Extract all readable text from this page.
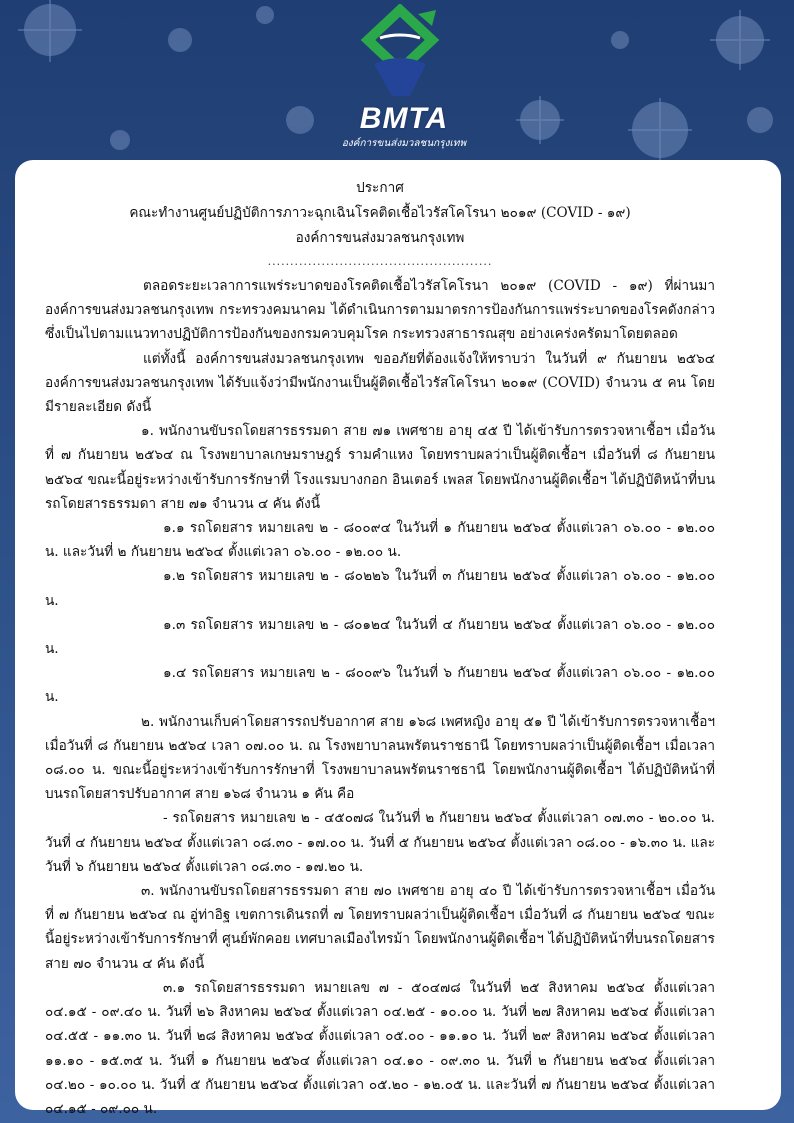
BMTA
องค์การขนส่งมวลชนกรุงเทพ
ประกาศ
คณะทำงานศูนย์ปฏิบัติการภาวะฉุกเฉินโรคติดเชื้อไวรัสโคโรนา ๒๐๑๙ (COVID - ๑๙)
องค์การขนส่งมวลชนกรุงเทพ
..................................................

ตลอดระยะเวลาการแพร่ระบาดของโรคติดเชื้อไวรัสโคโรนา ๒๐๑๙ (COVID - ๑๙) ที่ผ่านมาองค์การขนส่งมวลชนกรุงเทพ กระทรวงคมนาคม ได้ดำเนินการตามมาตรการป้องกันการแพร่ระบาดของโรคดังกล่าว ซึ่งเป็นไปตามแนวทางปฏิบัติการป้องกันของกรมควบคุมโรค กระทรวงสาธารณสุข อย่างเคร่งครัดมาโดยตลอด

แต่ทั้งนี้ องค์การขนส่งมวลชนกรุงเทพ ขออภัยที่ต้องแจ้งให้ทราบว่า ในวันที่ ๙ กันยายน ๒๕๖๔ องค์การขนส่งมวลชนกรุงเทพ ได้รับแจ้งว่ามีพนักงานเป็นผู้ติดเชื้อไวรัสโคโรนา ๒๐๑๙ (COVID) จำนวน ๕ คน โดยมีรายละเอียด ดังนี้

๑. พนักงานขับรถโดยสารธรรมดา สาย ๗๑ เพศชาย อายุ ๔๕ ปี ได้เข้ารับการตรวจหาเชื้อฯ เมื่อวันที่ ๗ กันยายน ๒๕๖๔ ณ โรงพยาบาลเกษมราษฎร์ รามคำแหง โดยทราบผลว่าเป็นผู้ติดเชื้อฯ เมื่อวันที่ ๘ กันยายน ๒๕๖๔ ขณะนี้อยู่ระหว่างเข้ารับการรักษาที่ โรงแรมบางกอก อินเตอร์ เพลส โดยพนักงานผู้ติดเชื้อฯ ได้ปฏิบัติหน้าที่บนรถโดยสารธรรมดา สาย ๗๑ จำนวน ๔ คัน ดังนี้

๑.๑ รถโดยสาร หมายเลข ๒ - ๘๐๐๙๔ ในวันที่ ๑ กันยายน ๒๕๖๔ ตั้งแต่เวลา ๐๖.๐๐ - ๑๒.๐๐ น. และวันที่ ๒ กันยายน ๒๕๖๔ ตั้งแต่เวลา ๐๖.๐๐ - ๑๒.๐๐ น.

๑.๒ รถโดยสาร หมายเลข ๒ - ๘๐๒๒๖ ในวันที่ ๓ กันยายน ๒๕๖๔ ตั้งแต่เวลา ๐๖.๐๐ - ๑๒.๐๐ น.

๑.๓ รถโดยสาร หมายเลข ๒ - ๘๐๑๒๔ ในวันที่ ๔ กันยายน ๒๕๖๔ ตั้งแต่เวลา ๐๖.๐๐ - ๑๒.๐๐ น.

๑.๔ รถโดยสาร หมายเลข ๒ - ๘๐๐๙๖ ในวันที่ ๖ กันยายน ๒๕๖๔ ตั้งแต่เวลา ๐๖.๐๐ - ๑๒.๐๐ น.

๒. พนักงานเก็บค่าโดยสารรถปรับอากาศ สาย ๑๖๘ เพศหญิง อายุ ๕๑ ปี ได้เข้ารับการตรวจหาเชื้อฯ เมื่อวันที่ ๘ กันยายน ๒๕๖๔ เวลา ๐๗.๐๐ น. ณ โรงพยาบาลนพรัตนราชธานี โดยทราบผลว่าเป็นผู้ติดเชื้อฯ เมื่อเวลา ๐๘.๐๐ น. ขณะนี้อยู่ระหว่างเข้ารับการรักษาที่ โรงพยาบาลนพรัตนราชธานี โดยพนักงานผู้ติดเชื้อฯ ได้ปฏิบัติหน้าที่บนรถโดยสารปรับอากาศ สาย ๑๖๘ จำนวน ๑ คัน คือ

- รถโดยสาร หมายเลข ๒ - ๔๕๐๗๘ ในวันที่ ๒ กันยายน ๒๕๖๔ ตั้งแต่เวลา ๐๗.๓๐ - ๒๐.๐๐ น. วันที่ ๔ กันยายน ๒๕๖๔ ตั้งแต่เวลา ๐๘.๓๐ - ๑๗.๐๐ น. วันที่ ๕ กันยายน ๒๕๖๔ ตั้งแต่เวลา ๐๘.๐๐ - ๑๖.๓๐ น. และวันที่ ๖ กันยายน ๒๕๖๔ ตั้งแต่เวลา ๐๘.๓๐ - ๑๗.๒๐ น.

๓. พนักงานขับรถโดยสารธรรมดา สาย ๗๐ เพศชาย อายุ ๔๐ ปี ได้เข้ารับการตรวจหาเชื้อฯ เมื่อวันที่ ๗ กันยายน ๒๕๖๔ ณ อู่ท่าอิฐ เขตการเดินรถที่ ๗ โดยทราบผลว่าเป็นผู้ติดเชื้อฯ เมื่อวันที่ ๘ กันยายน ๒๕๖๔ ขณะนี้อยู่ระหว่างเข้ารับการรักษาที่ ศูนย์พักคอย เทศบาลเมืองไทรม้า โดยพนักงานผู้ติดเชื้อฯ ได้ปฏิบัติหน้าที่บนรถโดยสาร สาย ๗๐ จำนวน ๔ คัน ดังนี้

๓.๑ รถโดยสารธรรมดา หมายเลข ๗ - ๕๐๔๗๘ ในวันที่ ๒๕ สิงหาคม ๒๕๖๔ ตั้งแต่เวลา ๐๔.๑๕ - ๐๙.๔๐ น. วันที่ ๒๖ สิงหาคม ๒๕๖๔ ตั้งแต่เวลา ๐๔.๒๕ - ๑๐.๐๐ น. วันที่ ๒๗ สิงหาคม ๒๕๖๔ ตั้งแต่เวลา ๐๔.๕๕ - ๑๑.๓๐ น. วันที่ ๒๘ สิงหาคม ๒๕๖๔ ตั้งแต่เวลา ๐๕.๐๐ - ๑๑.๑๐ น. วันที่ ๒๙ สิงหาคม ๒๕๖๔ ตั้งแต่เวลา ๑๑.๑๐ - ๑๕.๓๕ น. วันที่ ๑ กันยายน ๒๕๖๔ ตั้งแต่เวลา ๐๔.๑๐ - ๐๙.๓๐ น. วันที่ ๒ กันยายน ๒๕๖๔ ตั้งแต่เวลา ๐๔.๒๐ - ๑๐.๐๐ น. วันที่ ๕ กันยายน ๒๕๖๔ ตั้งแต่เวลา ๐๕.๒๐ - ๑๒.๐๕ น. และวันที่ ๗ กันยายน ๒๕๖๔ ตั้งแต่เวลา ๐๔.๑๕ - ๐๙.๐๐ น.
